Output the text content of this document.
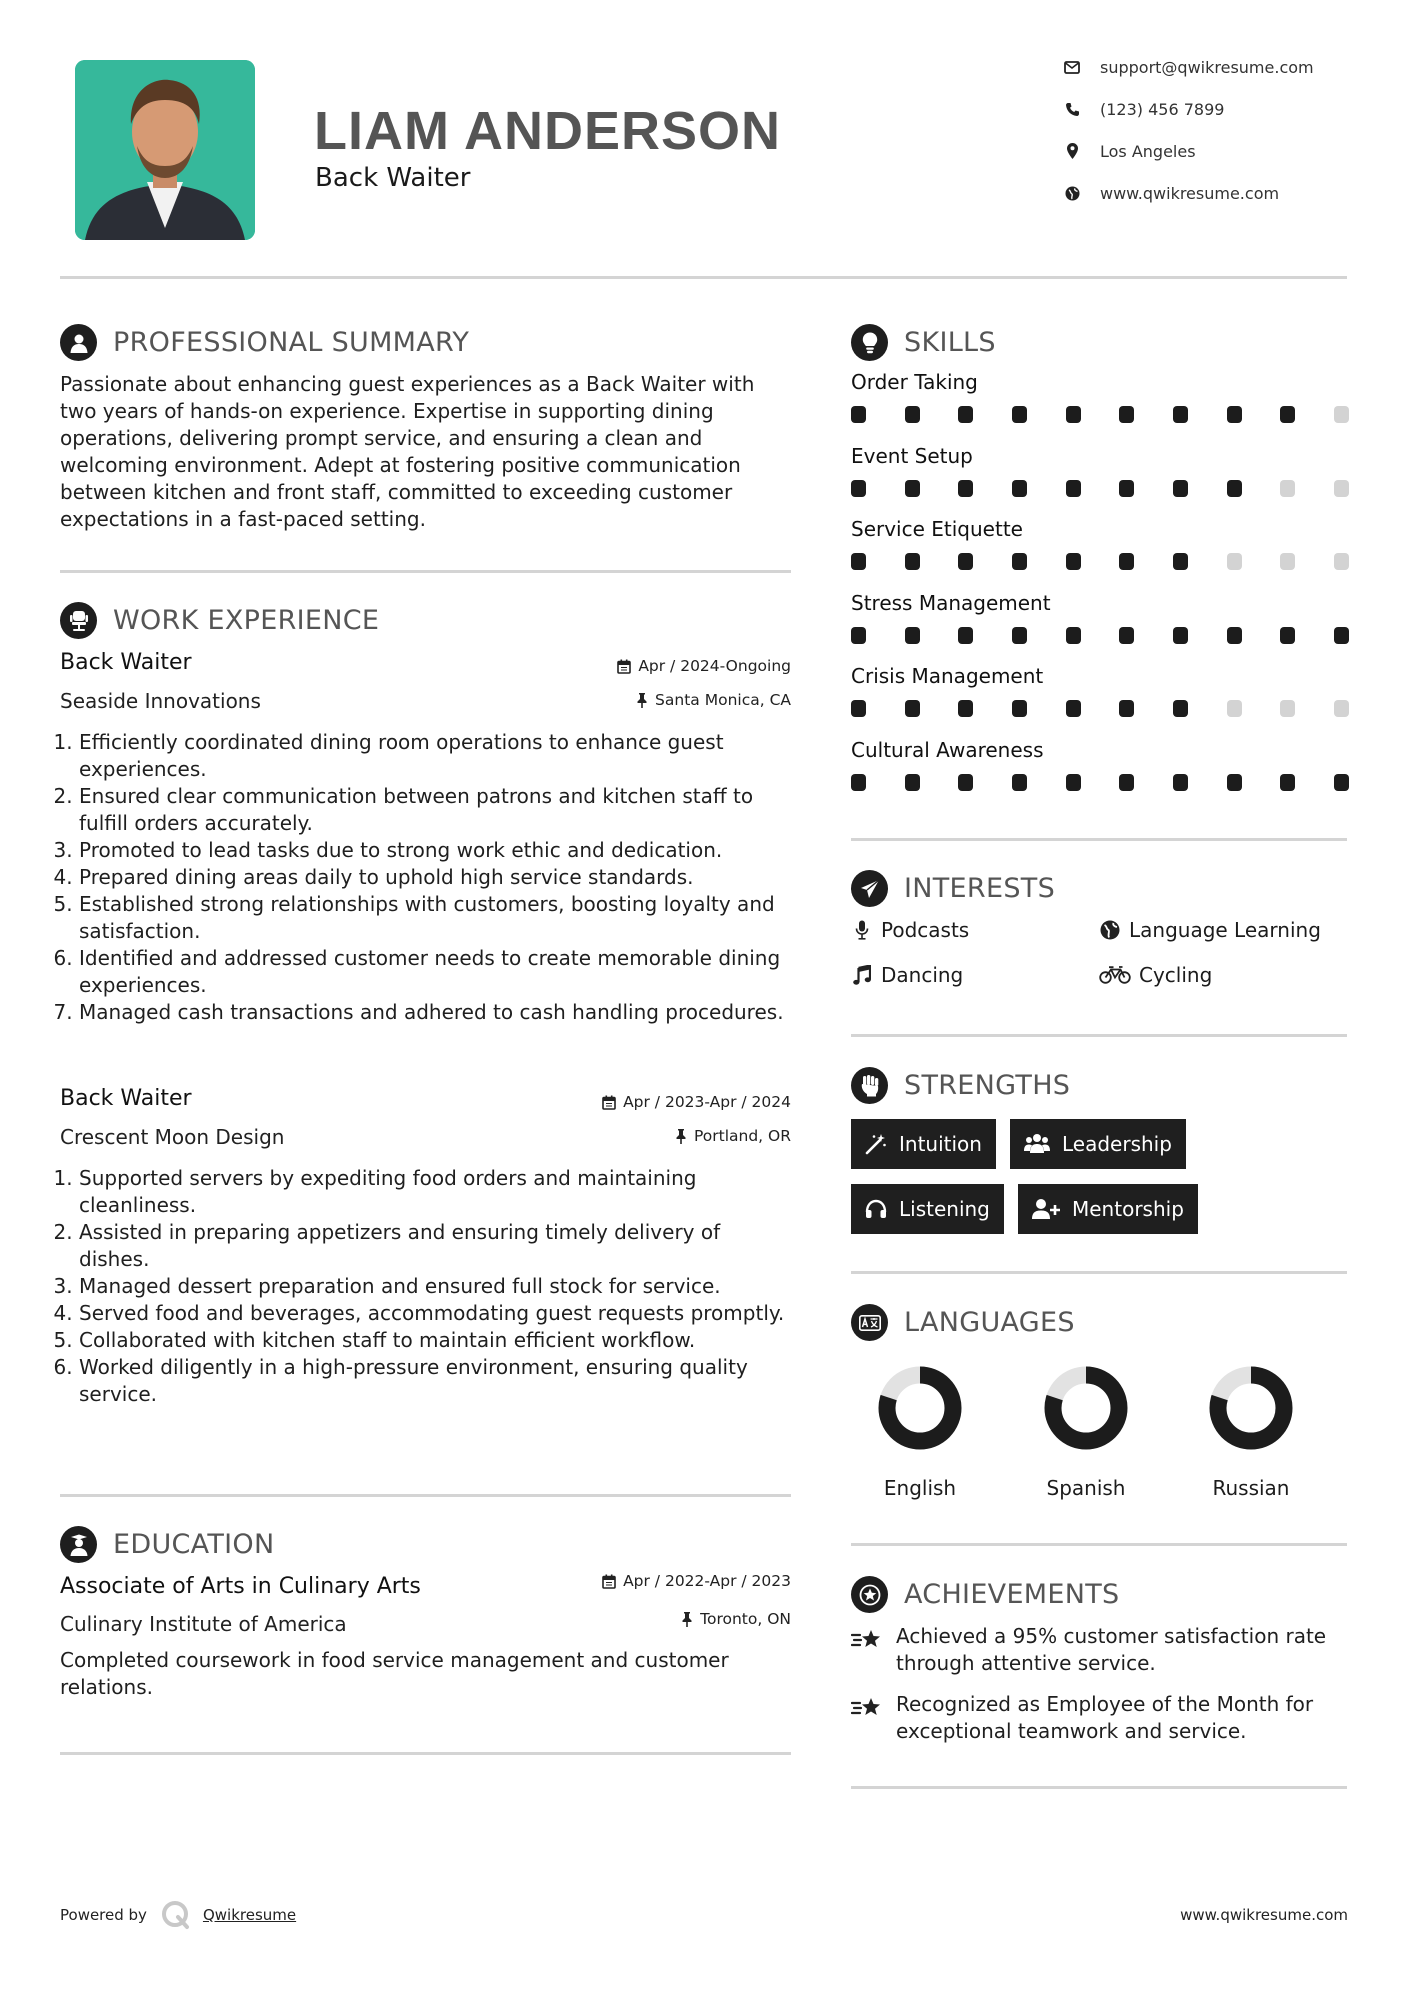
LIAM ANDERSON
Back Waiter
support@qwikresume.com
(123) 456 7899
Los Angeles
www.qwikresume.com
PROFESSIONAL SUMMARY
Passionate about enhancing guest experiences as a Back Waiter with two years of hands-on experience. Expertise in supporting dining operations, delivering prompt service, and ensuring a clean and welcoming environment. Adept at fostering positive communication between kitchen and front staff, committed to exceeding customer expectations in a fast-paced setting.
WORK EXPERIENCE
Back Waiter	Apr / 2024-Ongoing
Seaside Innovations	Santa Monica, CA
1. Efficiently coordinated dining room operations to enhance guest experiences.
2. Ensured clear communication between patrons and kitchen staff to fulfill orders accurately.
3. Promoted to lead tasks due to strong work ethic and dedication.
4. Prepared dining areas daily to uphold high service standards.
5. Established strong relationships with customers, boosting loyalty and satisfaction.
6. Identified and addressed customer needs to create memorable dining experiences.
7. Managed cash transactions and adhered to cash handling procedures.
Back Waiter	Apr / 2023-Apr / 2024
Crescent Moon Design	Portland, OR
1. Supported servers by expediting food orders and maintaining cleanliness.
2. Assisted in preparing appetizers and ensuring timely delivery of dishes.
3. Managed dessert preparation and ensured full stock for service.
4. Served food and beverages, accommodating guest requests promptly.
5. Collaborated with kitchen staff to maintain efficient workflow.
6. Worked diligently in a high-pressure environment, ensuring quality service.
EDUCATION
Associate of Arts in Culinary Arts	Apr / 2022-Apr / 2023
Culinary Institute of America	Toronto, ON
Completed coursework in food service management and customer relations.
SKILLS
Order Taking
Event Setup
Service Etiquette
Stress Management
Crisis Management
Cultural Awareness
INTERESTS
Podcasts	Language Learning
Dancing	Cycling
STRENGTHS
Intuition	Leadership
Listening	Mentorship
LANGUAGES
English	Spanish	Russian
ACHIEVEMENTS
Achieved a 95% customer satisfaction rate through attentive service.
Recognized as Employee of the Month for exceptional teamwork and service.
Powered by	Qwikresume	www.qwikresume.com
